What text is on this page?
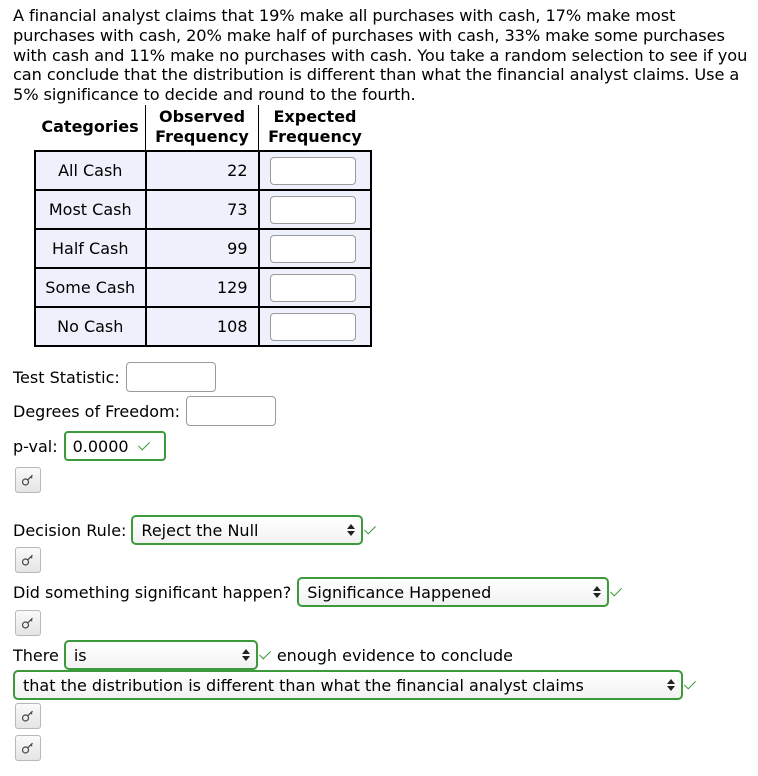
A financial analyst claims that 19% make all purchases with cash, 17% make most purchases with cash, 20% make half of purchases with cash, 33% make some purchases with cash and 11% make no purchases with cash. You take a random selection to see if you can conclude that the distribution is different than what the financial analyst claims. Use a 5% significance to decide and round to the fourth.
Categories	Observed Frequency	Expected Frequency
All Cash	22	

Most Cash	73	

Half Cash	99	

Some Cash	129	

No Cash	108	
Test Statistic:
Degrees of Freedom:
p-val: 0.0000
Decision Rule: Reject the Null
Did something significant happen? Significance Happened
There is	enough evidence to conclude
that the distribution is different than what the financial analyst claims
